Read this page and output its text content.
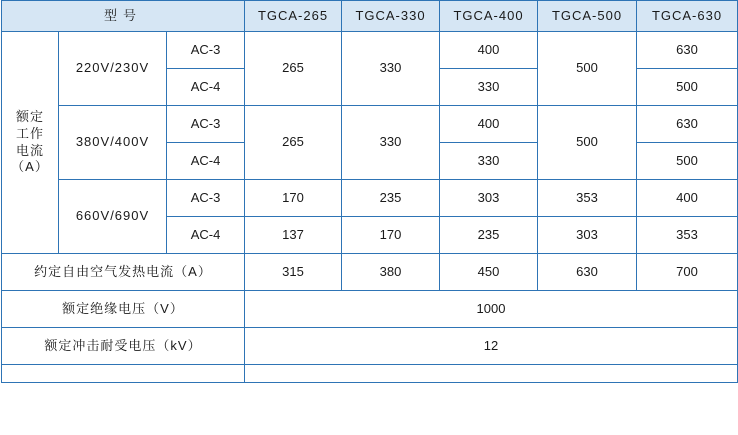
型号			TGCA-265	TGCA-330	TGCA-400	TGCA-500	TGCA-630

额定
工作
电流
（A）	220V/230V	AC-3	265	330	400	500	630
		AC-4			330		500
	380V/400V	AC-3	265	330	400	500	630
		AC-4			330		500
	660V/690V	AC-3	170	235	303	353	400
		AC-4	137	170	235	303	353
约定自由空气发热电流（A）			315	380	450	630	700
额定绝缘电压（V）			1000				
额定冲击耐受电压（kV）			12				
